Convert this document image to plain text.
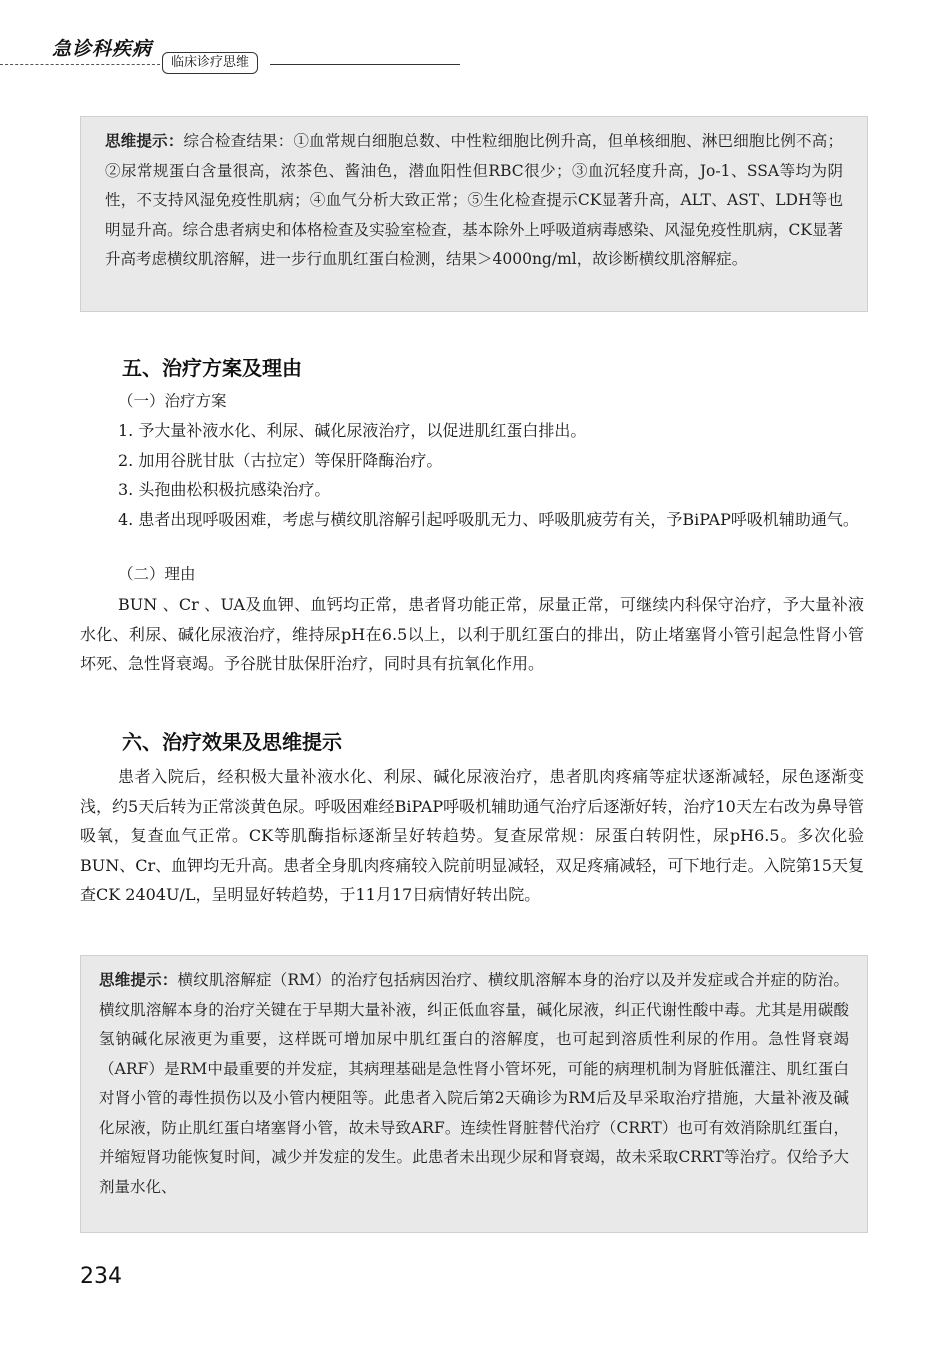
急诊科疾病
临床诊疗思维

思维提示：综合检查结果：①血常规白细胞总数、中性粒细胞比例升高，但单核细胞、淋巴细胞比例不高；②尿常规蛋白含量很高，浓茶色、酱油色，潜血阳性但RBC很少；③血沉轻度升高，Jo-1、SSA等均为阴性，不支持风湿免疫性肌病；④血气分析大致正常；⑤生化检查提示CK显著升高，ALT、AST、LDH等也明显升高。综合患者病史和体格检查及实验室检查，基本除外上呼吸道病毒感染、风湿免疫性肌病，CK显著升高考虑横纹肌溶解，进一步行血肌红蛋白检测，结果＞4000ng/ml，故诊断横纹肌溶解症。

五、治疗方案及理由
（一）治疗方案

1. 予大量补液水化、利尿、碱化尿液治疗，以促进肌红蛋白排出。

2. 加用谷胱甘肽（古拉定）等保肝降酶治疗。

3. 头孢曲松积极抗感染治疗。

4. 患者出现呼吸困难，考虑与横纹肌溶解引起呼吸肌无力、呼吸肌疲劳有关，予BiPAP呼吸机辅助通气。

（二）理由

BUN 、Cr 、UA及血钾、血钙均正常，患者肾功能正常，尿量正常，可继续内科保守治疗，予大量补液水化、利尿、碱化尿液治疗，维持尿pH在6.5以上，以利于肌红蛋白的排出，防止堵塞肾小管引起急性肾小管坏死、急性肾衰竭。予谷胱甘肽保肝治疗，同时具有抗氧化作用。

六、治疗效果及思维提示

患者入院后，经积极大量补液水化、利尿、碱化尿液治疗，患者肌肉疼痛等症状逐渐减轻，尿色逐渐变浅，约5天后转为正常淡黄色尿。呼吸困难经BiPAP呼吸机辅助通气治疗后逐渐好转，治疗10天左右改为鼻导管吸氧，复查血气正常。CK等肌酶指标逐渐呈好转趋势。复查尿常规：尿蛋白转阴性，尿pH6.5。多次化验BUN、Cr、血钾均无升高。患者全身肌肉疼痛较入院前明显减轻，双足疼痛减轻，可下地行走。入院第15天复查CK 2404U/L，呈明显好转趋势，于11月17日病情好转出院。

思维提示：横纹肌溶解症（RM）的治疗包括病因治疗、横纹肌溶解本身的治疗以及并发症或合并症的防治。横纹肌溶解本身的治疗关键在于早期大量补液，纠正低血容量，碱化尿液，纠正代谢性酸中毒。尤其是用碳酸氢钠碱化尿液更为重要，这样既可增加尿中肌红蛋白的溶解度，也可起到溶质性利尿的作用。急性肾衰竭（ARF）是RM中最重要的并发症，其病理基础是急性肾小管坏死，可能的病理机制为肾脏低灌注、肌红蛋白对肾小管的毒性损伤以及小管内梗阻等。此患者入院后第2天确诊为RM后及早采取治疗措施，大量补液及碱化尿液，防止肌红蛋白堵塞肾小管，故未导致ARF。连续性肾脏替代治疗（CRRT）也可有效消除肌红蛋白，并缩短肾功能恢复时间，减少并发症的发生。此患者未出现少尿和肾衰竭，故未采取CRRT等治疗。仅给予大剂量水化、

234
